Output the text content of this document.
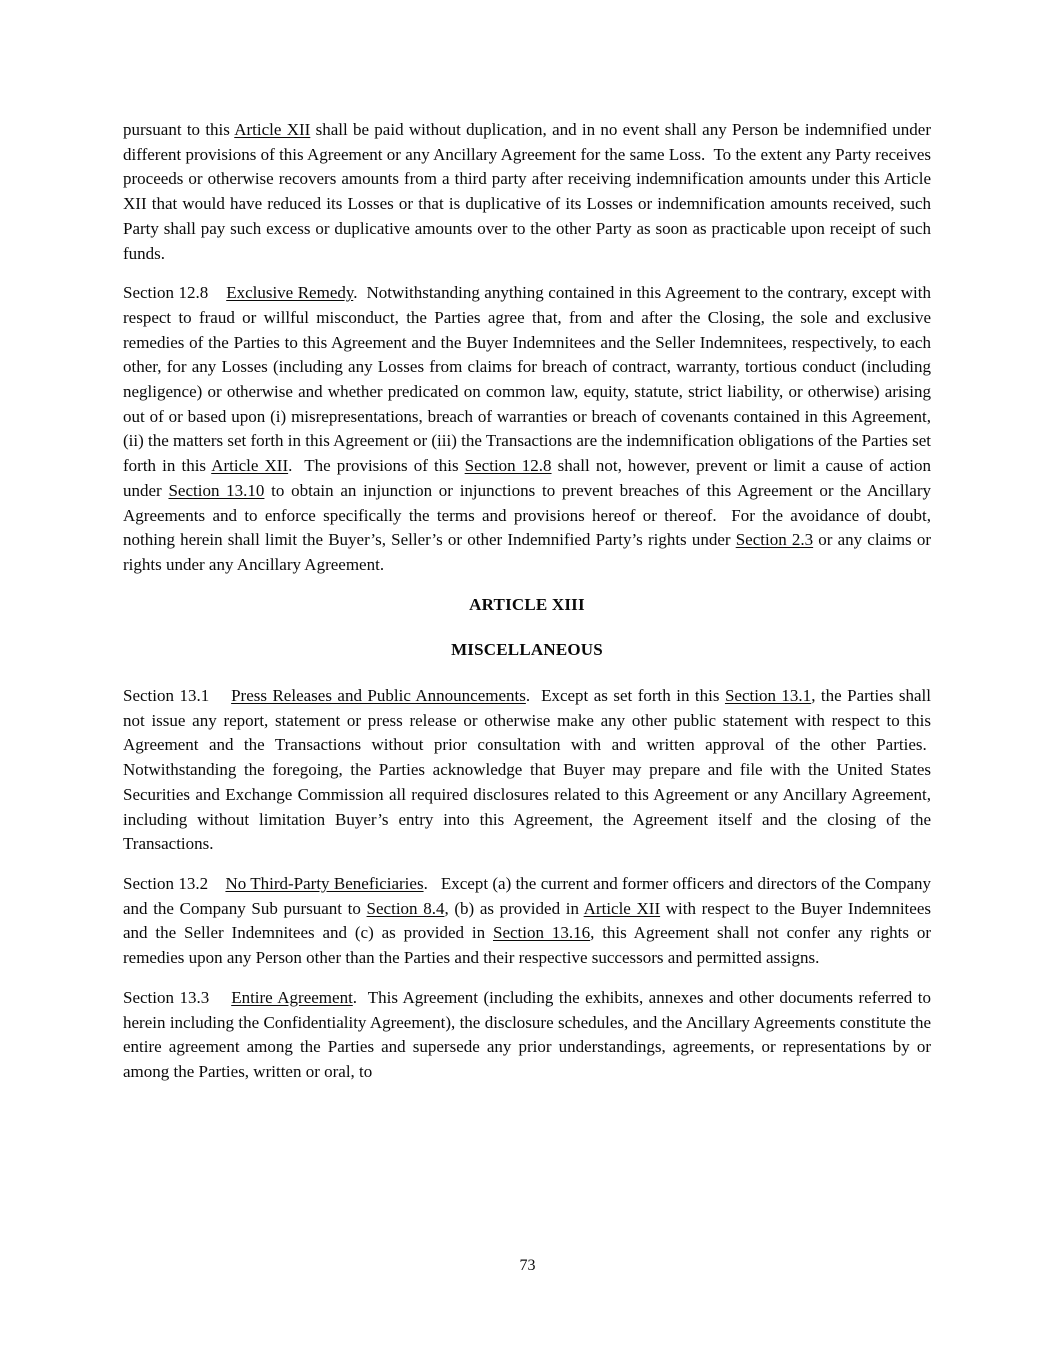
pursuant to this Article XII shall be paid without duplication, and in no event shall any Person be indemnified under different provisions of this Agreement or any Ancillary Agreement for the same Loss.  To the extent any Party receives proceeds or otherwise recovers amounts from a third party after receiving indemnification amounts under this Article XII that would have reduced its Losses or that is duplicative of its Losses or indemnification amounts received, such Party shall pay such excess or duplicative amounts over to the other Party as soon as practicable upon receipt of such funds.

Section 12.8    Exclusive Remedy.  Notwithstanding anything contained in this Agreement to the contrary, except with respect to fraud or willful misconduct, the Parties agree that, from and after the Closing, the sole and exclusive remedies of the Parties to this Agreement and the Buyer Indemnitees and the Seller Indemnitees, respectively, to each other, for any Losses (including any Losses from claims for breach of contract, warranty, tortious conduct (including negligence) or otherwise and whether predicated on common law, equity, statute, strict liability, or otherwise) arising out of or based upon (i) misrepresentations, breach of warranties or breach of covenants contained in this Agreement, (ii) the matters set forth in this Agreement or (iii) the Transactions are the indemnification obligations of the Parties set forth in this Article XII.  The provisions of this Section 12.8 shall not, however, prevent or limit a cause of action under Section 13.10 to obtain an injunction or injunctions to prevent breaches of this Agreement or the Ancillary Agreements and to enforce specifically the terms and provisions hereof or thereof.  For the avoidance of doubt, nothing herein shall limit the Buyer’s, Seller’s or other Indemnified Party’s rights under Section 2.3 or any claims or rights under any Ancillary Agreement.

ARTICLE XIII

MISCELLANEOUS

Section 13.1    Press Releases and Public Announcements.  Except as set forth in this Section 13.1, the Parties shall not issue any report, statement or press release or otherwise make any other public statement with respect to this Agreement and the Transactions without prior consultation with and written approval of the other Parties.  Notwithstanding the foregoing, the Parties acknowledge that Buyer may prepare and file with the United States Securities and Exchange Commission all required disclosures related to this Agreement or any Ancillary Agreement, including without limitation Buyer’s entry into this Agreement, the Agreement itself and the closing of the Transactions.

Section 13.2    No Third-Party Beneficiaries.   Except (a) the current and former officers and directors of the Company and the Company Sub pursuant to Section 8.4, (b) as provided in Article XII with respect to the Buyer Indemnitees and the Seller Indemnitees and (c) as provided in Section 13.16, this Agreement shall not confer any rights or remedies upon any Person other than the Parties and their respective successors and permitted assigns.

Section 13.3    Entire Agreement.  This Agreement (including the exhibits, annexes and other documents referred to herein including the Confidentiality Agreement), the disclosure schedules, and the Ancillary Agreements constitute the entire agreement among the Parties and supersede any prior understandings, agreements, or representations by or among the Parties, written or oral, to

73
